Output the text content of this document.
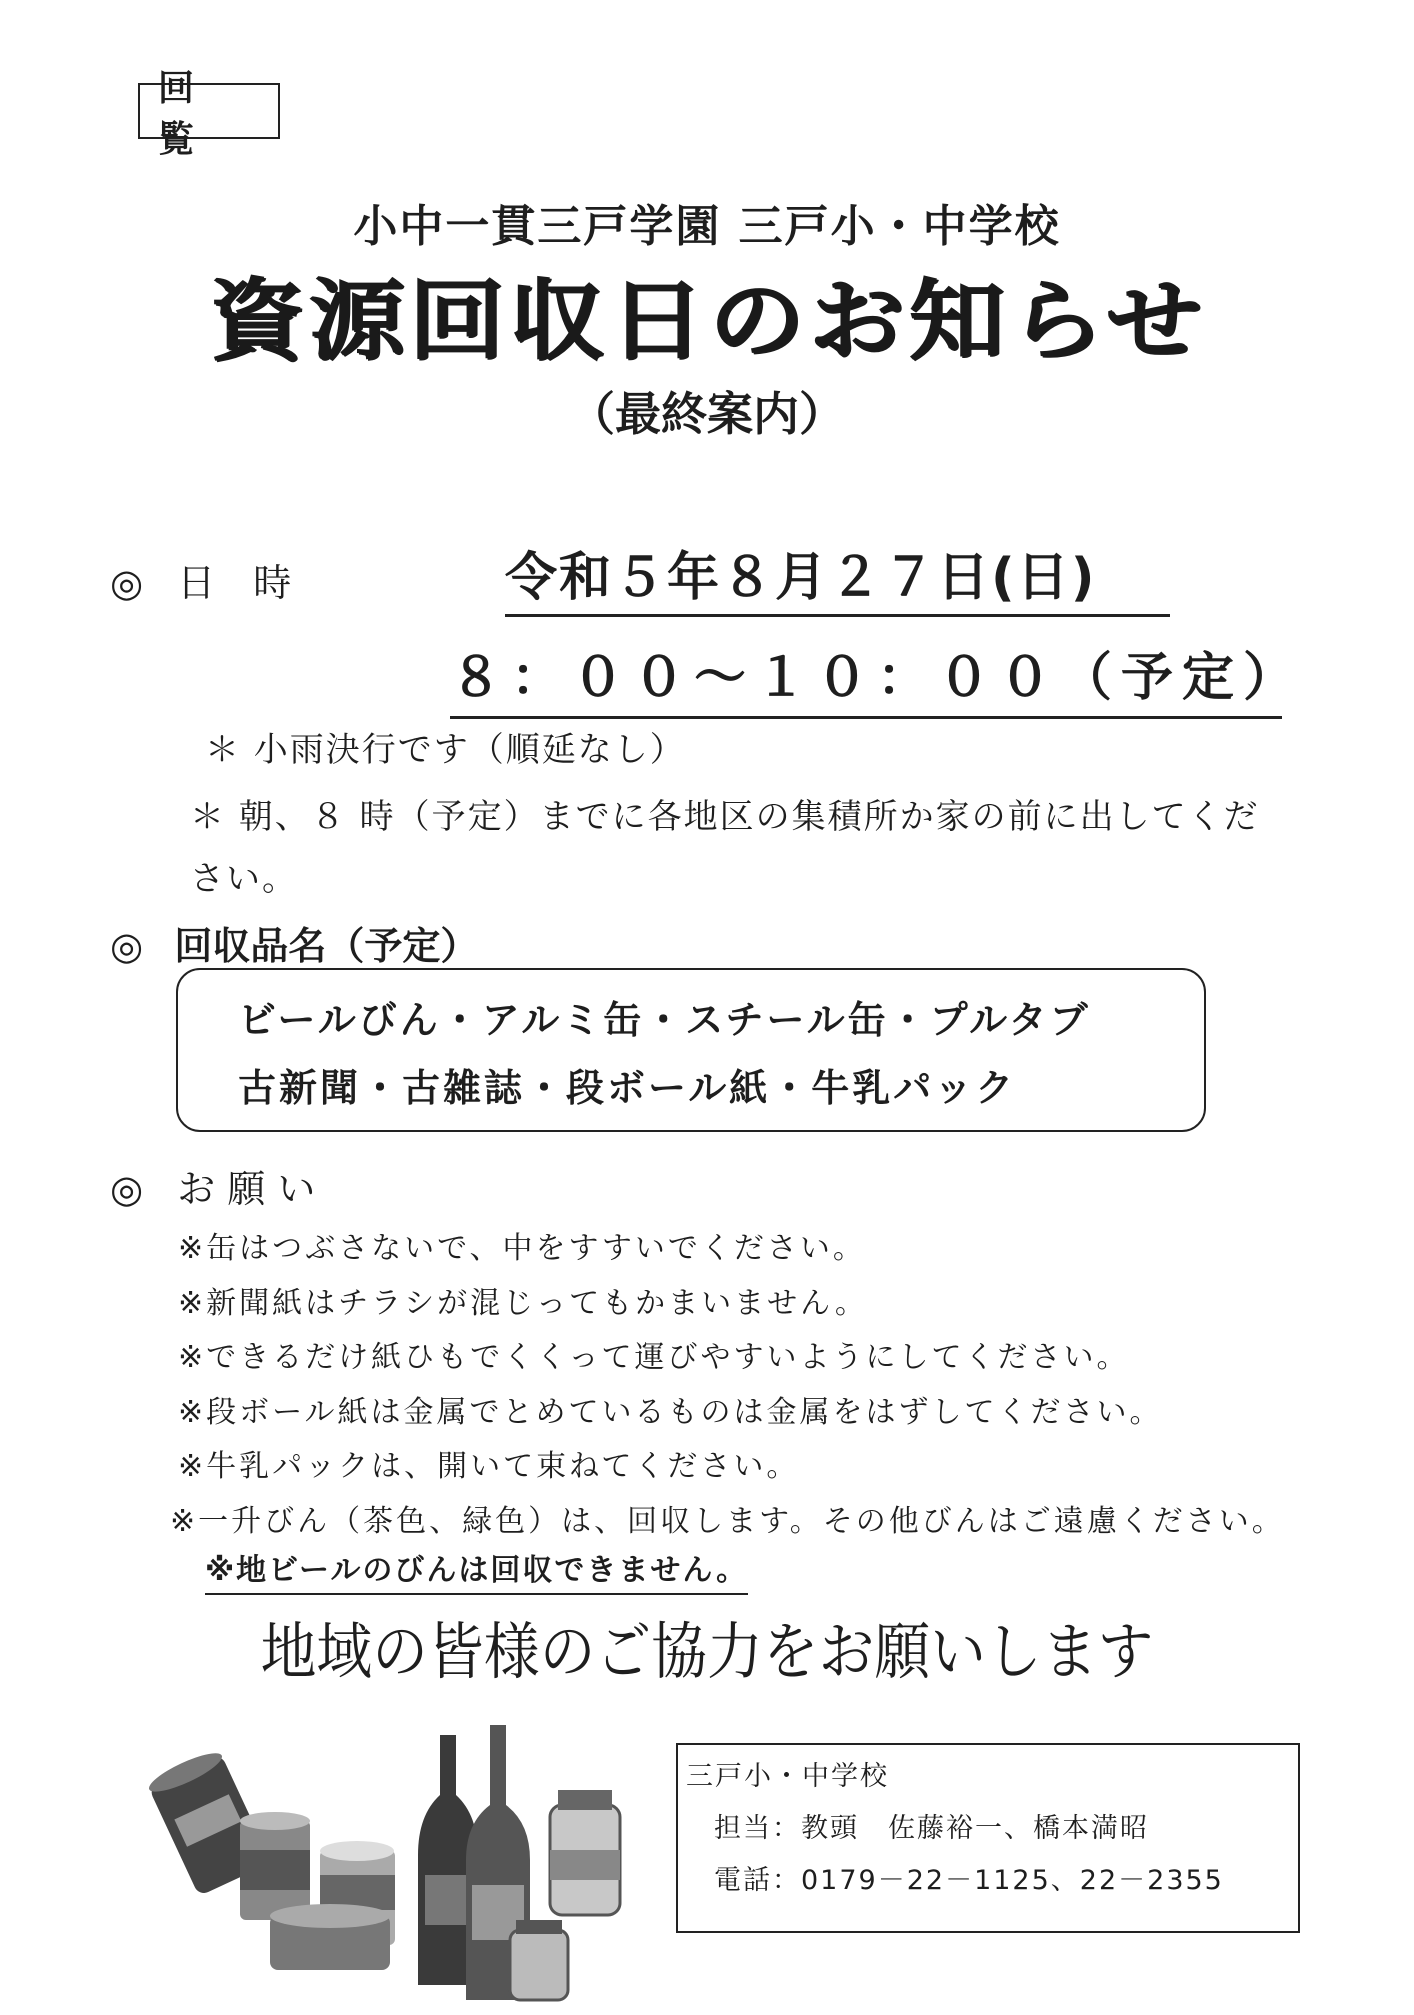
回 覧
小中一貫三戸学園 三戸小・中学校
資源回収日のお知らせ
（最終案内）
◎ 日　時	令和５年８月２７日(日)
８：００～１０：００（予定）
＊ 小雨決行です（順延なし）
＊ 朝、８ 時（予定）までに各地区の集積所か家の前に出してください。
◎ 回収品名（予定）
ビールびん・アルミ缶・スチール缶・プルタブ
古新聞・古雑誌・段ボール紙・牛乳パック
◎ お 願 い
※缶はつぶさないで、中をすすいでください。
※新聞紙はチラシが混じってもかまいません。
※できるだけ紙ひもでくくって運びやすいようにしてください。
※段ボール紙は金属でとめているものは金属をはずしてください。
※牛乳パックは、開いて束ねてください。
※一升びん（茶色、緑色）は、回収します。その他びんはご遠慮ください。
※地ビールのびんは回収できません。
地域の皆様のご協力をお願いします
三戸小・中学校
担当：教頭　佐藤裕一、橋本満昭
電話：0179－22－1125、22－2355
